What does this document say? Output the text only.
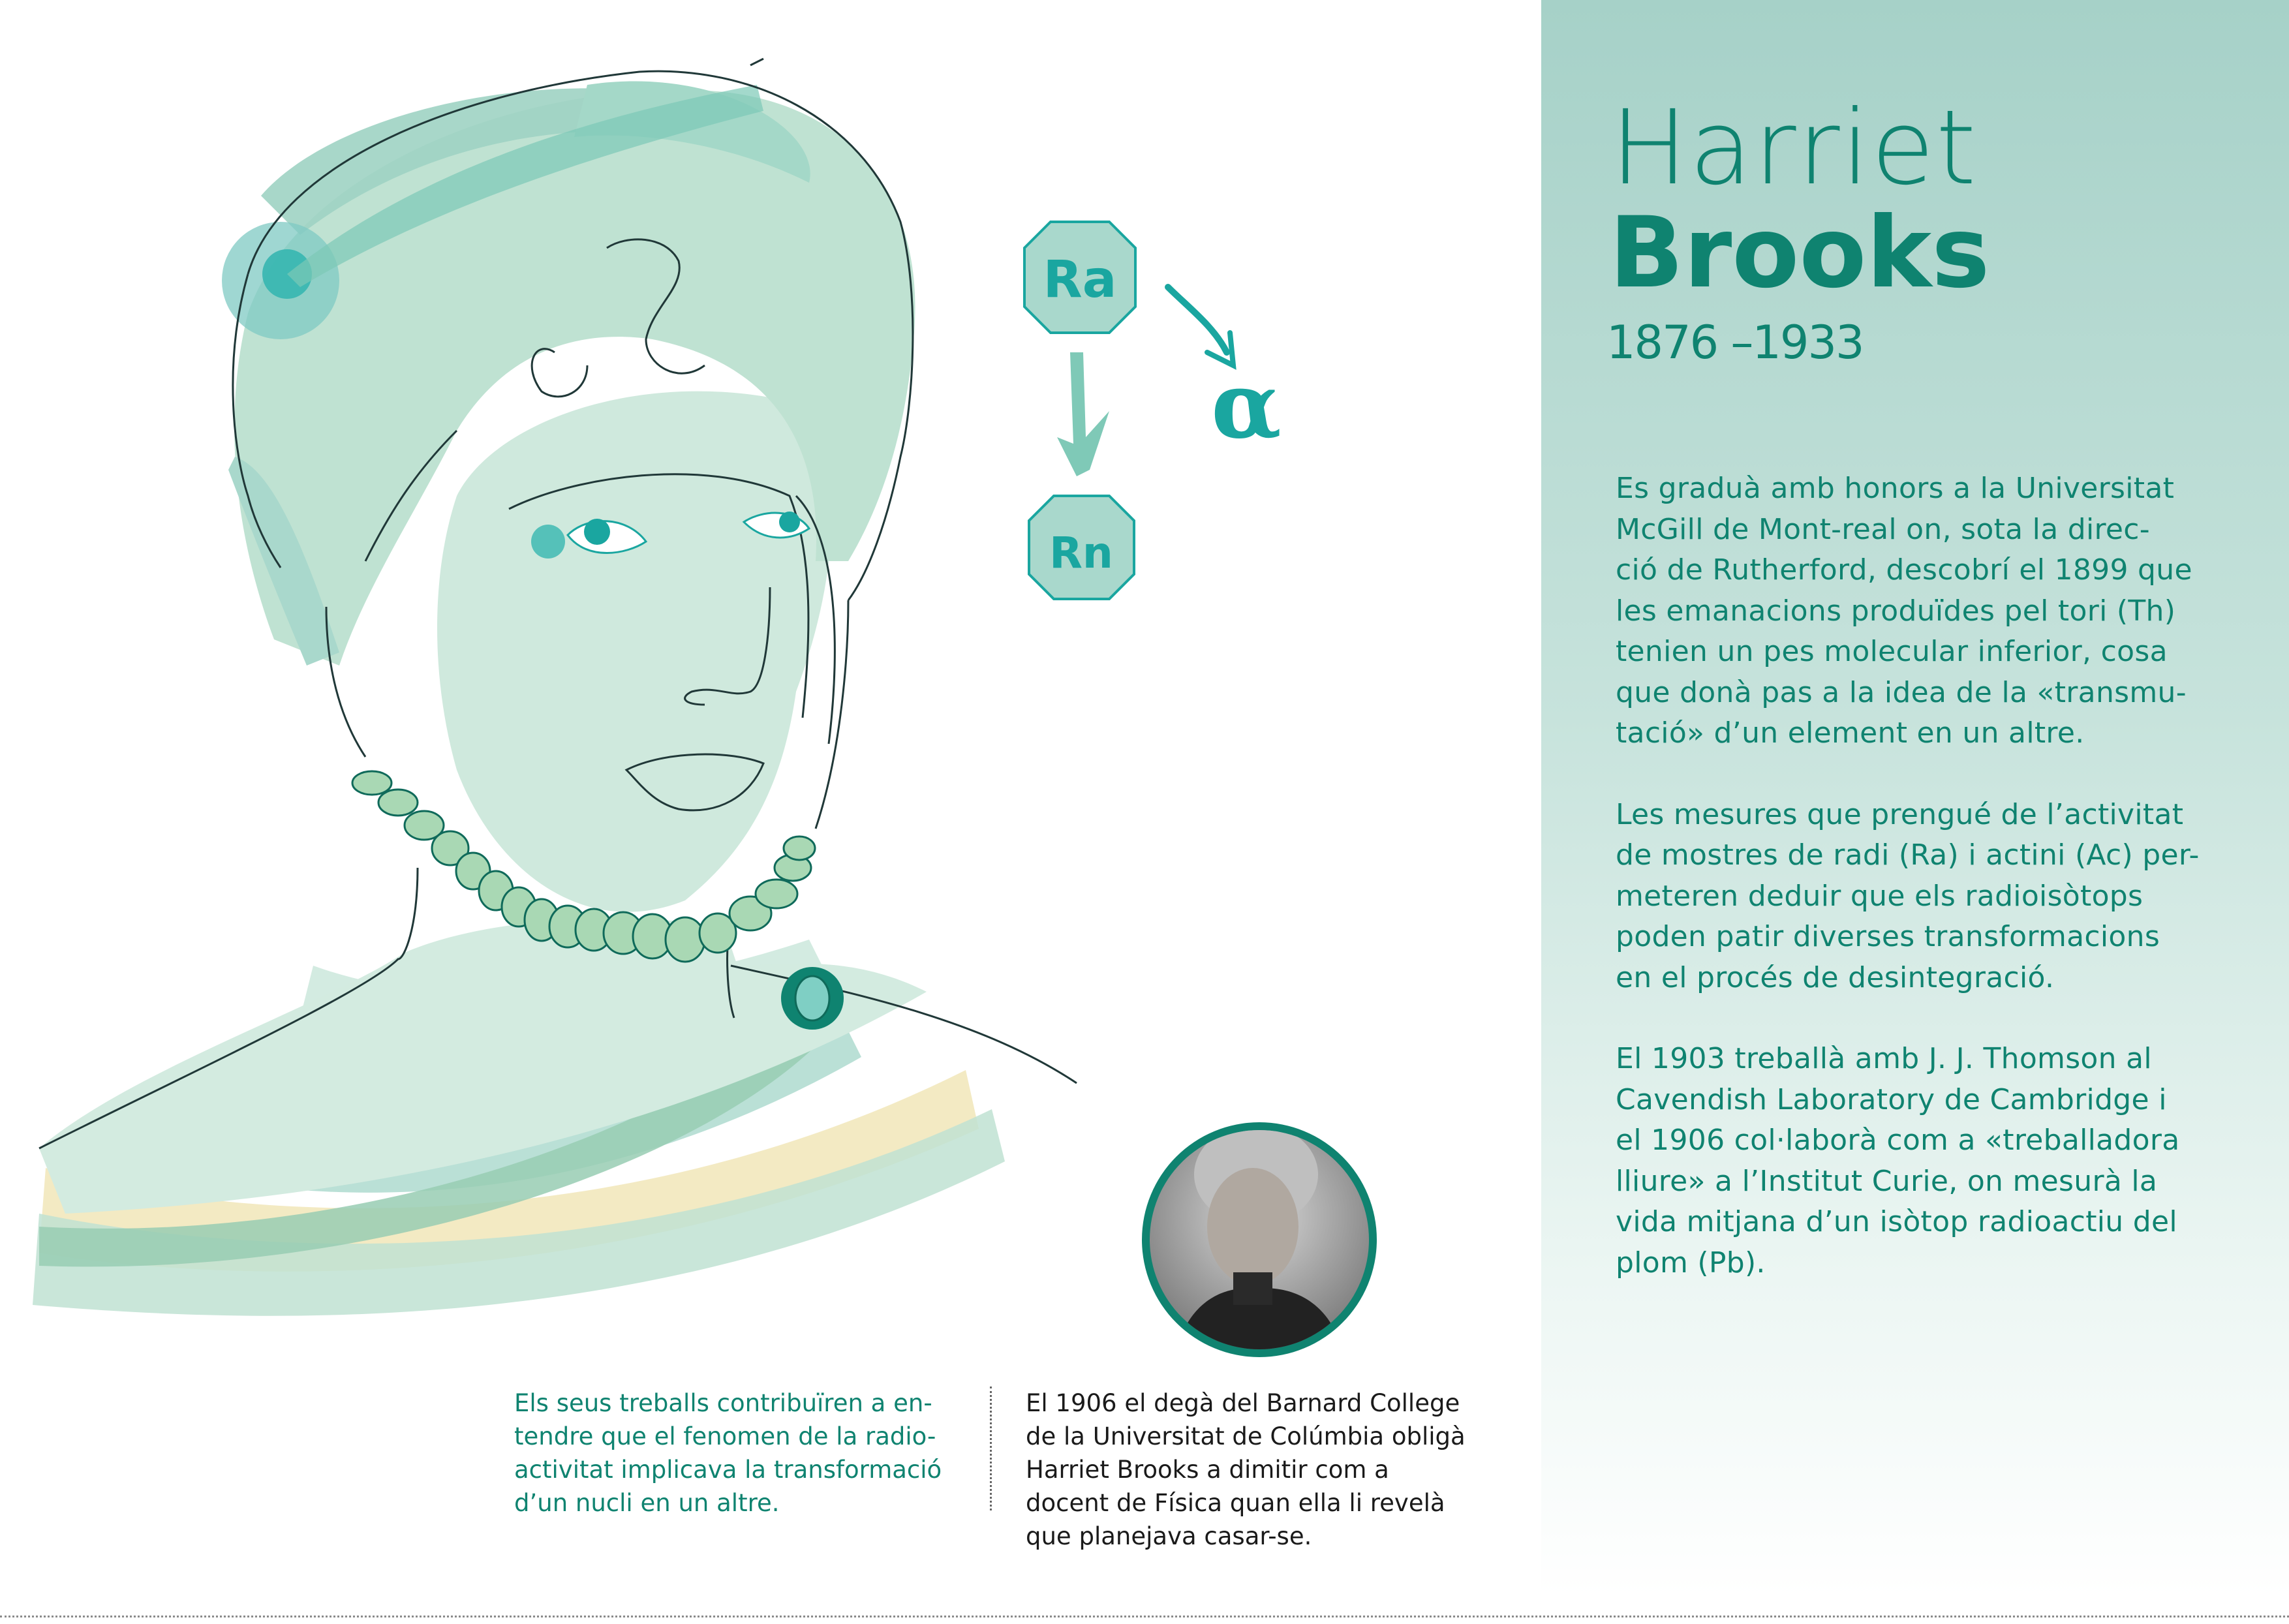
Ra
Rn
α
Harriet
Brooks
1876 –1933

Es graduà amb honors a la Universitat
McGill de Mont-real on, sota la direc-
ció de Rutherford, descobrí el 1899 que
les emanacions produïdes pel tori (Th)
tenien un pes molecular inferior, cosa
que donà pas a la idea de la «transmu-
tació» d’un element en un altre.

Les mesures que prengué de l’activitat
de mostres de radi (Ra) i actini (Ac) per-
meteren deduir que els radioisòtops
poden patir diverses transformacions
en el procés de desintegració.

El 1903 treballà amb J. J. Thomson al
Cavendish Laboratory de Cambridge i
el 1906 col·laborà com a «treballadora
lliure» a l’Institut Curie, on mesurà la
vida mitjana d’un isòtop radioactiu del
plom (Pb).

Els seus treballs contribuïren a en-
tendre que el fenomen de la radio-
activitat implicava la transformació
d’un nucli en un altre.
El 1906 el degà del Barnard College
de la Universitat de Colúmbia obligà
Harriet Brooks a dimitir com a
docent de Física quan ella li revelà
que planejava casar-se.
